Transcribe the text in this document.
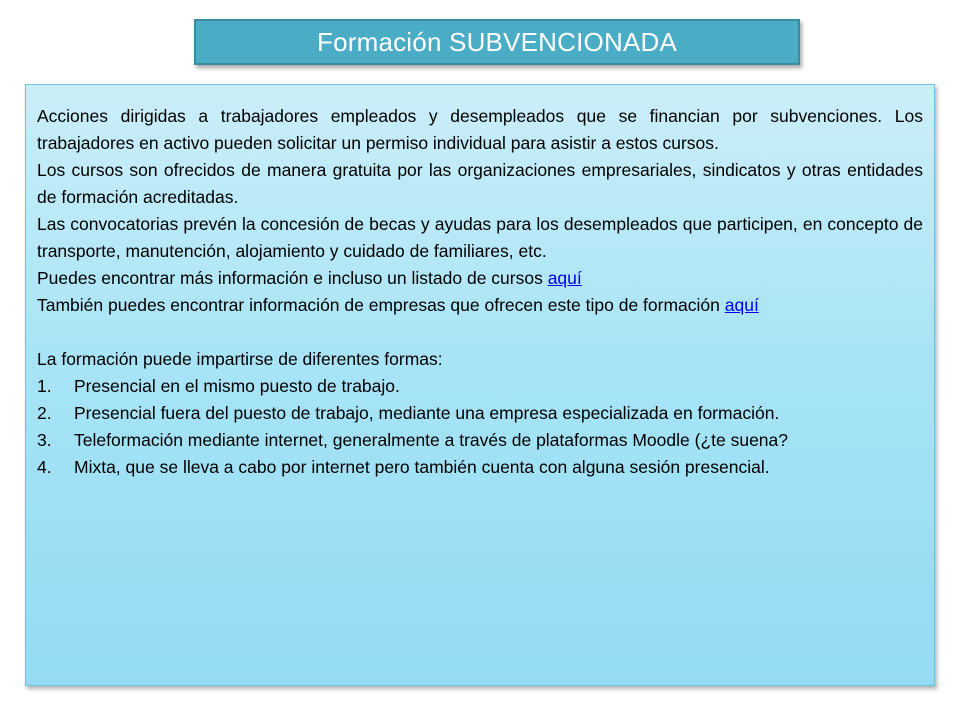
Formación SUBVENCIONADA

Acciones dirigidas a trabajadores empleados y desempleados que se financian por subvenciones. Los trabajadores en activo pueden solicitar un permiso individual para asistir a estos cursos.

Los cursos son ofrecidos de manera gratuita por las organizaciones empresariales, sindicatos y otras entidades de formación acreditadas.

Las convocatorias prevén la concesión de becas y ayudas para los desempleados que participen, en concepto de transporte, manutención, alojamiento y cuidado de familiares, etc.

Puedes encontrar más información e incluso un listado de cursos aquí

También puedes encontrar información de empresas que ofrecen este tipo de formación aquí

La formación puede impartirse de diferentes formas:

1. Presencial en el mismo puesto de trabajo.
2. Presencial fuera del puesto de trabajo, mediante una empresa especializada en formación.
3. Teleformación mediante internet, generalmente a través de plataformas Moodle (¿te suena?
4. Mixta, que se lleva a cabo por internet pero también cuenta con alguna sesión presencial.
